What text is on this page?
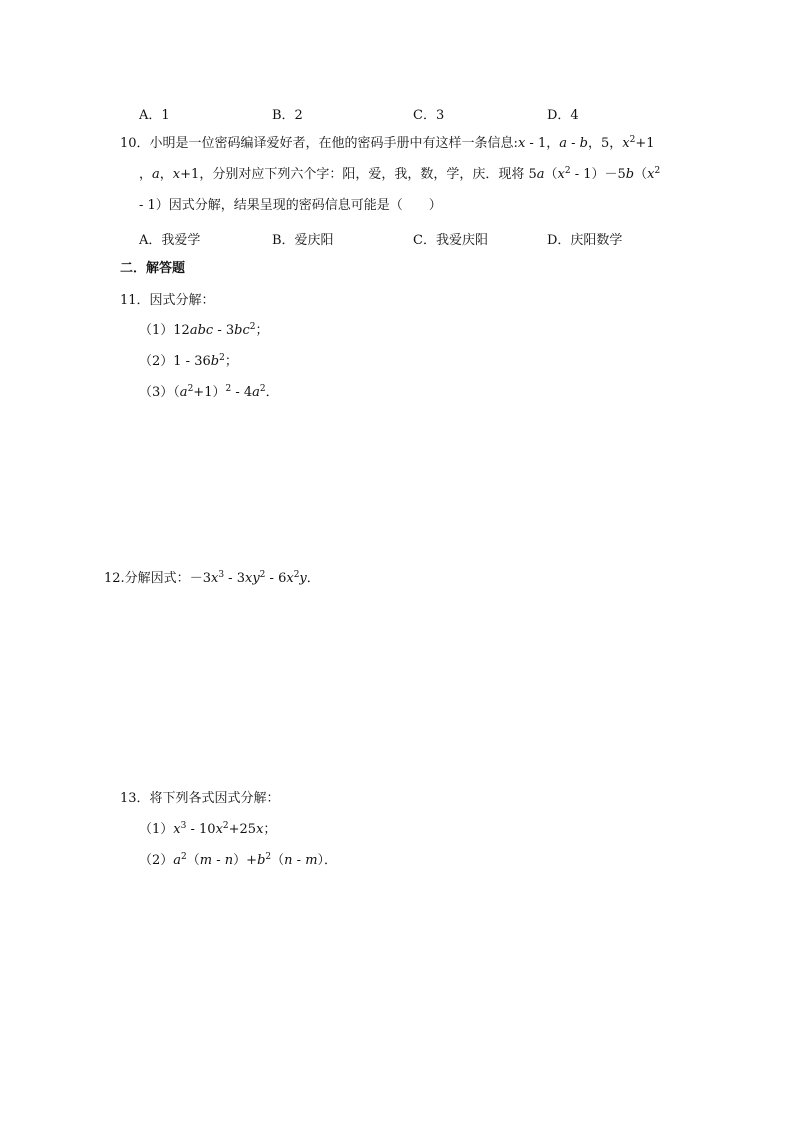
A．1	B．2	C．3	D．4
10．小明是一位密码编译爱好者，在他的密码手册中有这样一条信息:x - 1，a - b，5，$x^2+1$
，a，x+1，分别对应下列六个字：阳，爱，我，数，学，庆．现将 $5a(x^2 - 1)-5b(x^2$
- 1）因式分解，结果呈现的密码信息可能是（　　）
A．我爱学	B．爱庆阳	C．我爱庆阳	D．庆阳数学
二．解答题
11．因式分解：
$(1)12abc - 3bc^2$；
$(2)1 - 36b^2$；
$(3)(a^2+1)^2 - 4a^2$．
12.分解因式：$-3x^3 - 3xy^2 - 6x^2y$．
13．将下列各式因式分解：
$(1)x^3 - 10x^2+25x$；
$(2)a^2(m - n)+b^2(n - m)$．
